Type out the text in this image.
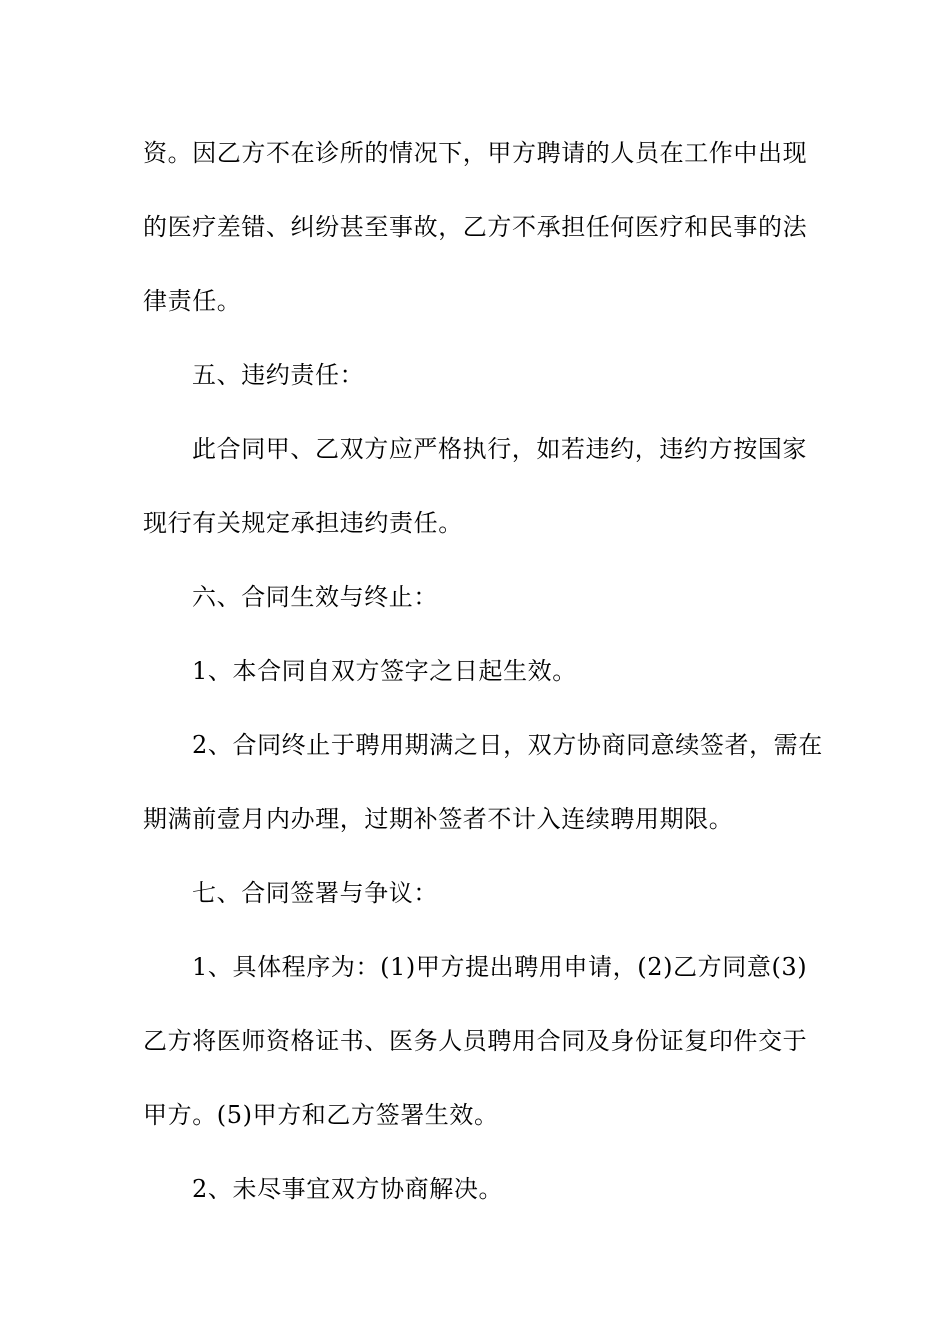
资。因乙方不在诊所的情况下，甲方聘请的人员在工作中出现
的医疗差错、纠纷甚至事故，乙方不承担任何医疗和民事的法
律责任。
五、违约责任：
此合同甲、乙双方应严格执行，如若违约，违约方按国家
现行有关规定承担违约责任。
六、合同生效与终止：
1、本合同自双方签字之日起生效。
2、合同终止于聘用期满之日，双方协商同意续签者，需在
期满前壹月内办理，过期补签者不计入连续聘用期限。
七、合同签署与争议：
1、具体程序为：(1)甲方提出聘用申请，(2)乙方同意(3)
乙方将医师资格证书、医务人员聘用合同及身份证复印件交于
甲方。(5)甲方和乙方签署生效。
2、未尽事宜双方协商解决。
